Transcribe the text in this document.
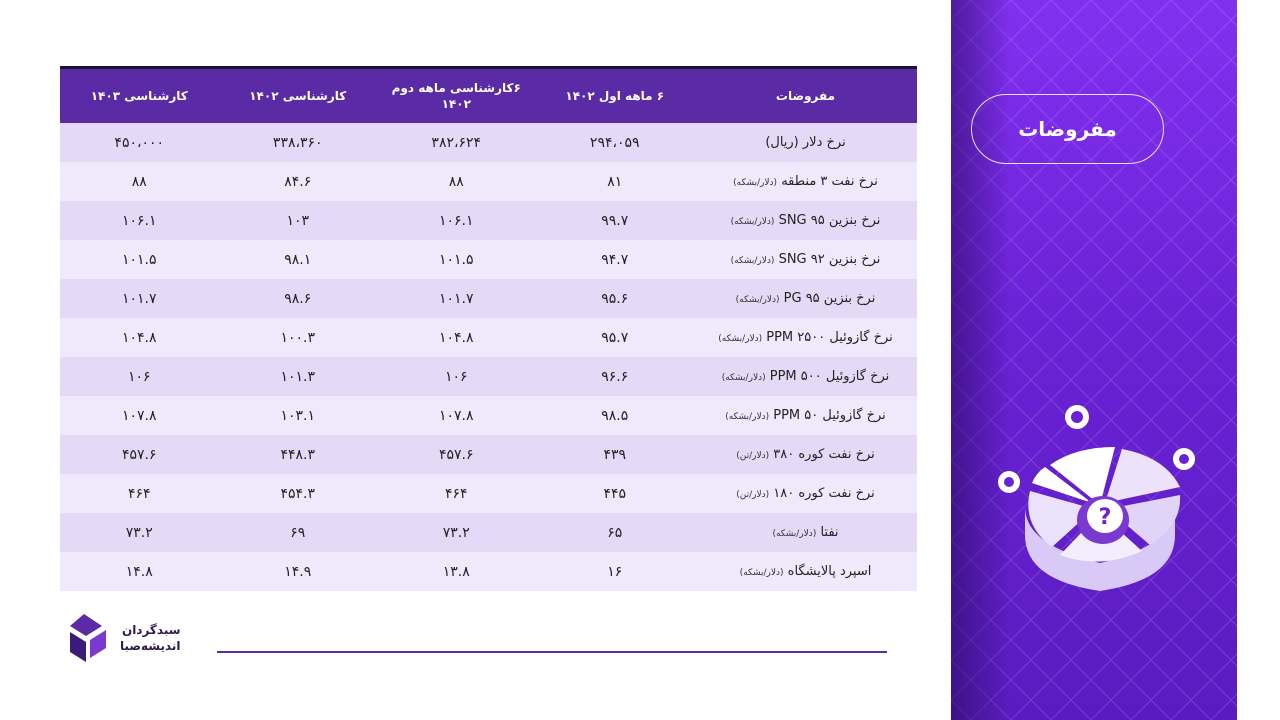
مفروضات	۶ ماهه اول ۱۴۰۲	۶کارشناسی ماهه دوم ۱۴۰۲	کارشناسی ۱۴۰۲	کارشناسی ۱۴۰۳
نرخ دلار (ریال)	۲۹۴،۰۵۹	۳۸۲،۶۲۴	۳۳۸،۳۶۰	۴۵۰،۰۰۰
نرخ نفت ۳ منطقه (دلار/بشکه)	۸۱	۸۸	۸۴.۶	۸۸
نرخ بنزین SNG ۹۵ (دلار/بشکه)	۹۹.۷	۱۰۶.۱	۱۰۳	۱۰۶.۱
نرخ بنزین SNG ۹۲ (دلار/بشکه)	۹۴.۷	۱۰۱.۵	۹۸.۱	۱۰۱.۵
نرخ بنزین PG ۹۵ (دلار/بشکه)	۹۵.۶	۱۰۱.۷	۹۸.۶	۱۰۱.۷
نرخ گازوئیل PPM ۲۵۰۰ (دلار/بشکه)	۹۵.۷	۱۰۴.۸	۱۰۰.۳	۱۰۴.۸
نرخ گازوئیل PPM ۵۰۰ (دلار/بشکه)	۹۶.۶	۱۰۶	۱۰۱.۳	۱۰۶
نرخ گازوئیل PPM ۵۰ (دلار/بشکه)	۹۸.۵	۱۰۷.۸	۱۰۳.۱	۱۰۷.۸
نرخ نفت کوره ۳۸۰ (دلار/تن)	۴۳۹	۴۵۷.۶	۴۴۸.۳	۴۵۷.۶
نرخ نفت کوره ۱۸۰ (دلار/تن)	۴۴۵	۴۶۴	۴۵۴.۳	۴۶۴
نفتا (دلار/بشکه)	۶۵	۷۳.۲	۶۹	۷۳.۲
اسپرد پالایشگاه (دلار/بشکه)	۱۶	۱۳.۸	۱۴.۹	۱۴.۸
سبدگردان
اندیشه‌صبا
مفروضات
?
